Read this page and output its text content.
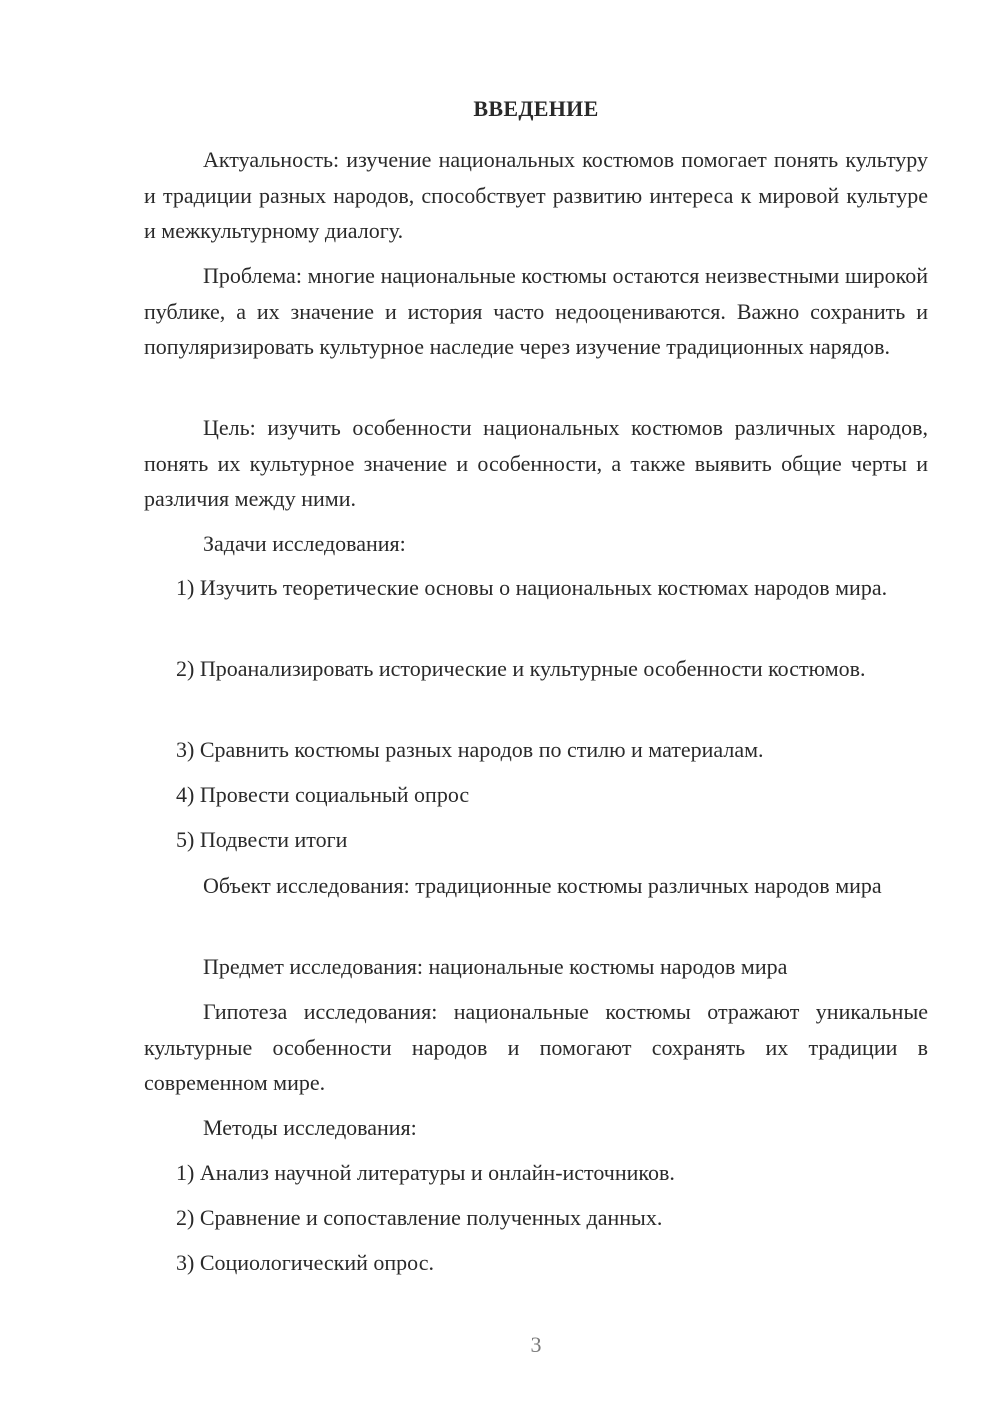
ВВЕДЕНИЕ

Актуальность: изучение национальных костюмов помогает понять культуру и традиции разных народов, способствует развитию интереса к мировой культуре и межкультурному диалогу.

Проблема: многие национальные костюмы остаются неизвестными широкой публике, а их значение и история часто недооцениваются. Важно сохранить и популяризировать культурное наследие через изучение традиционных нарядов.

Цель: изучить особенности национальных костюмов различных народов, понять их культурное значение и особенности, а также выявить общие черты и различия между ними.

Задачи исследования:

1) Изучить теоретические основы о национальных костюмах народов мира.

2) Проанализировать исторические и культурные особенности костюмов.

3) Сравнить костюмы разных народов по стилю и материалам.

4) Провести социальный опрос

5) Подвести итоги

Объект исследования: традиционные костюмы различных народов мира

Предмет исследования: национальные костюмы народов мира

Гипотеза исследования: национальные костюмы отражают уникальные культурные особенности народов и помогают сохранять их традиции в современном мире.

Методы исследования:

1) Анализ научной литературы и онлайн-источников.

2) Сравнение и сопоставление полученных данных.

3) Социологический опрос.

3
